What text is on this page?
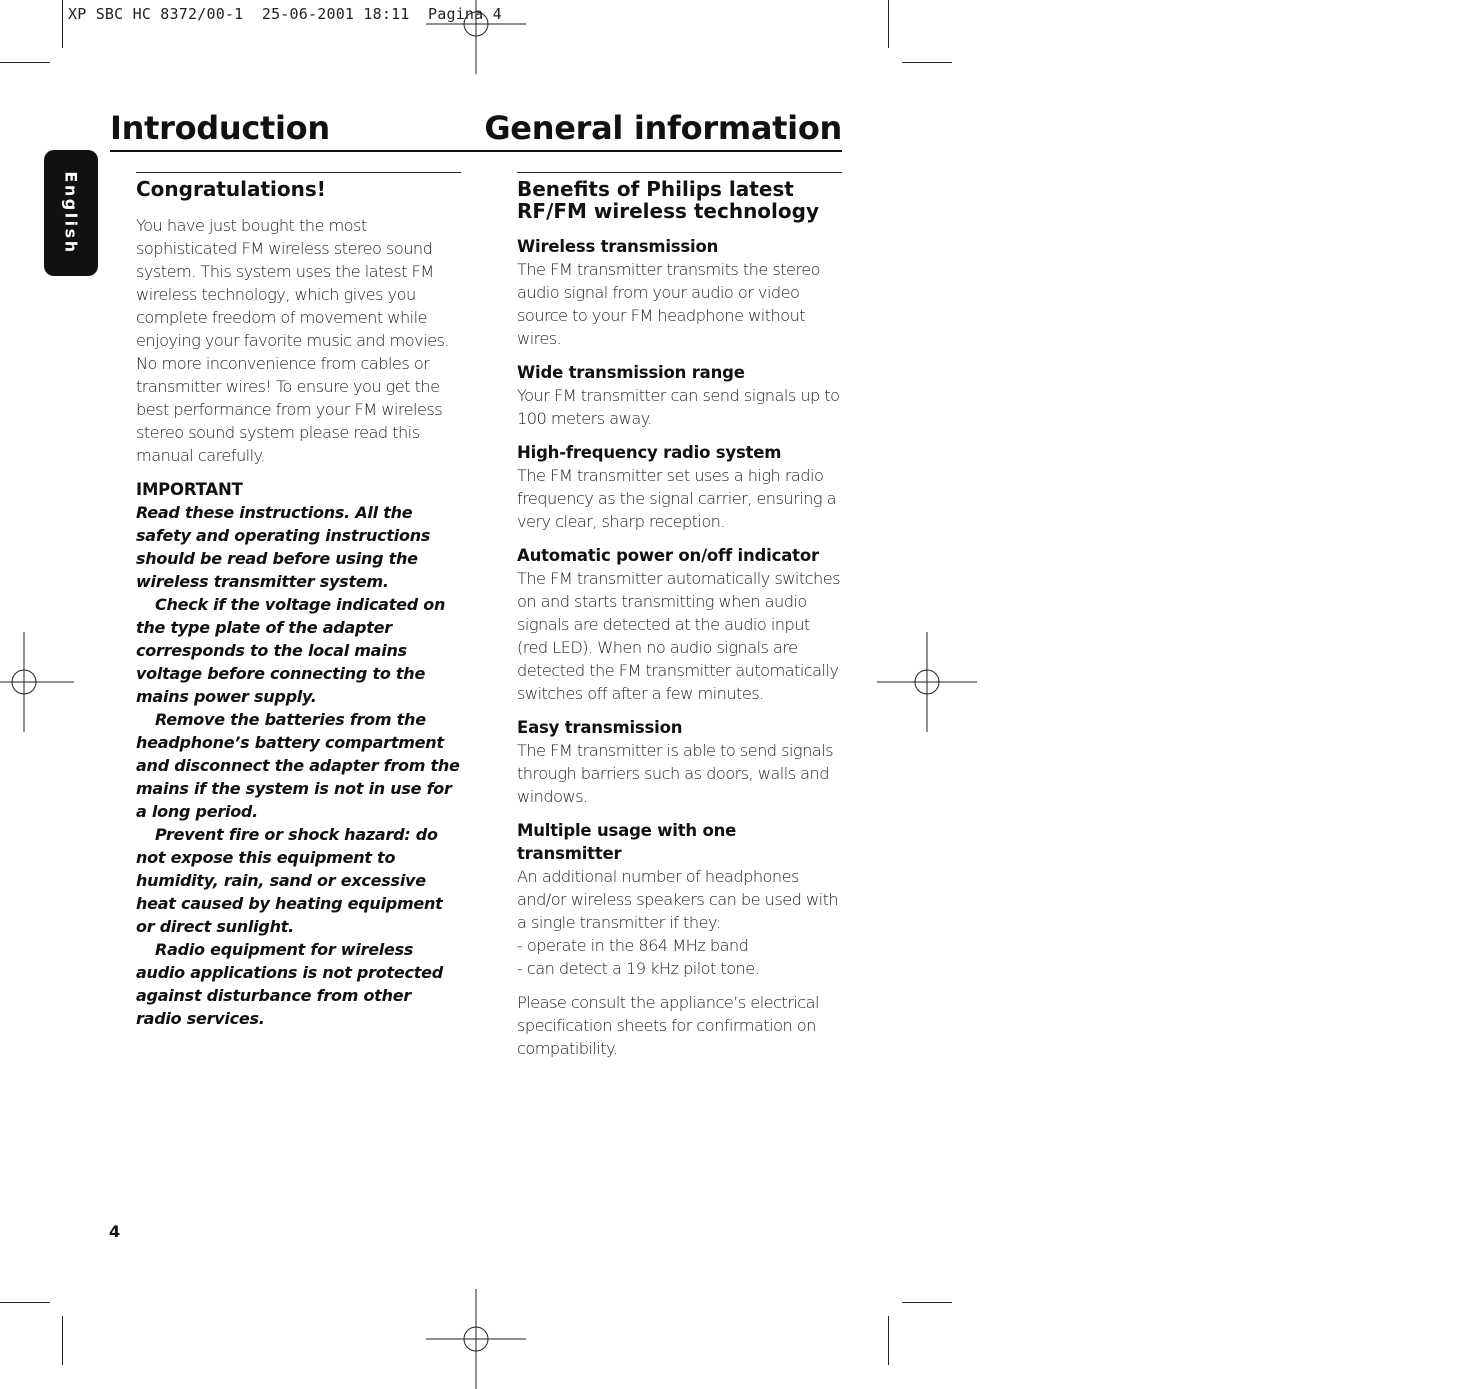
XP SBC HC 8372/00-1  25-06-2001 18:11  Pagina 4
Introduction	General information
English	Congratulations!

You have just bought the most sophisticated FM wireless stereo sound system. This system uses the latest FM wireless technology, which gives you complete freedom of movement while enjoying your favorite music and movies. No more inconvenience from cables or transmitter wires! To ensure you get the best performance from your FM wireless stereo sound system please read this manual carefully.

IMPORTANT

Read these instructions. All the safety and operating instructions should be read before using the wireless transmitter system.

Check if the voltage indicated on the type plate of the adapter corresponds to the local mains voltage before connecting to the mains power supply.

Remove the batteries from the headphone’s battery compartment and disconnect the adapter from the mains if the system is not in use for a long period.

Prevent fire or shock hazard: do not expose this equipment to humidity, rain, sand or excessive heat caused by heating equipment or direct sunlight.

Radio equipment for wireless audio applications is not protected against disturbance from other radio services.

Benefits of Philips latest
RF/FM wireless technology

Wireless transmission

The FM transmitter transmits the stereo audio signal from your audio or video source to your FM headphone without wires.

Wide transmission range

Your FM transmitter can send signals up to 100 meters away.

High-frequency radio system

The FM transmitter set uses a high radio frequency as the signal carrier, ensuring a very clear, sharp reception.

Automatic power on/off indicator

The FM transmitter automatically switches on and starts transmitting when audio signals are detected at the audio input (red LED). When no audio signals are detected the FM transmitter automatically switches off after a few minutes.

Easy transmission

The FM transmitter is able to send signals through barriers such as doors, walls and windows.

Multiple usage with one transmitter

An additional number of headphones and/or wireless speakers can be used with a single transmitter if they:

- operate in the 864 MHz band

- can detect a 19 kHz pilot tone.

Please consult the appliance’s electrical specification sheets for confirmation on compatibility.

4
